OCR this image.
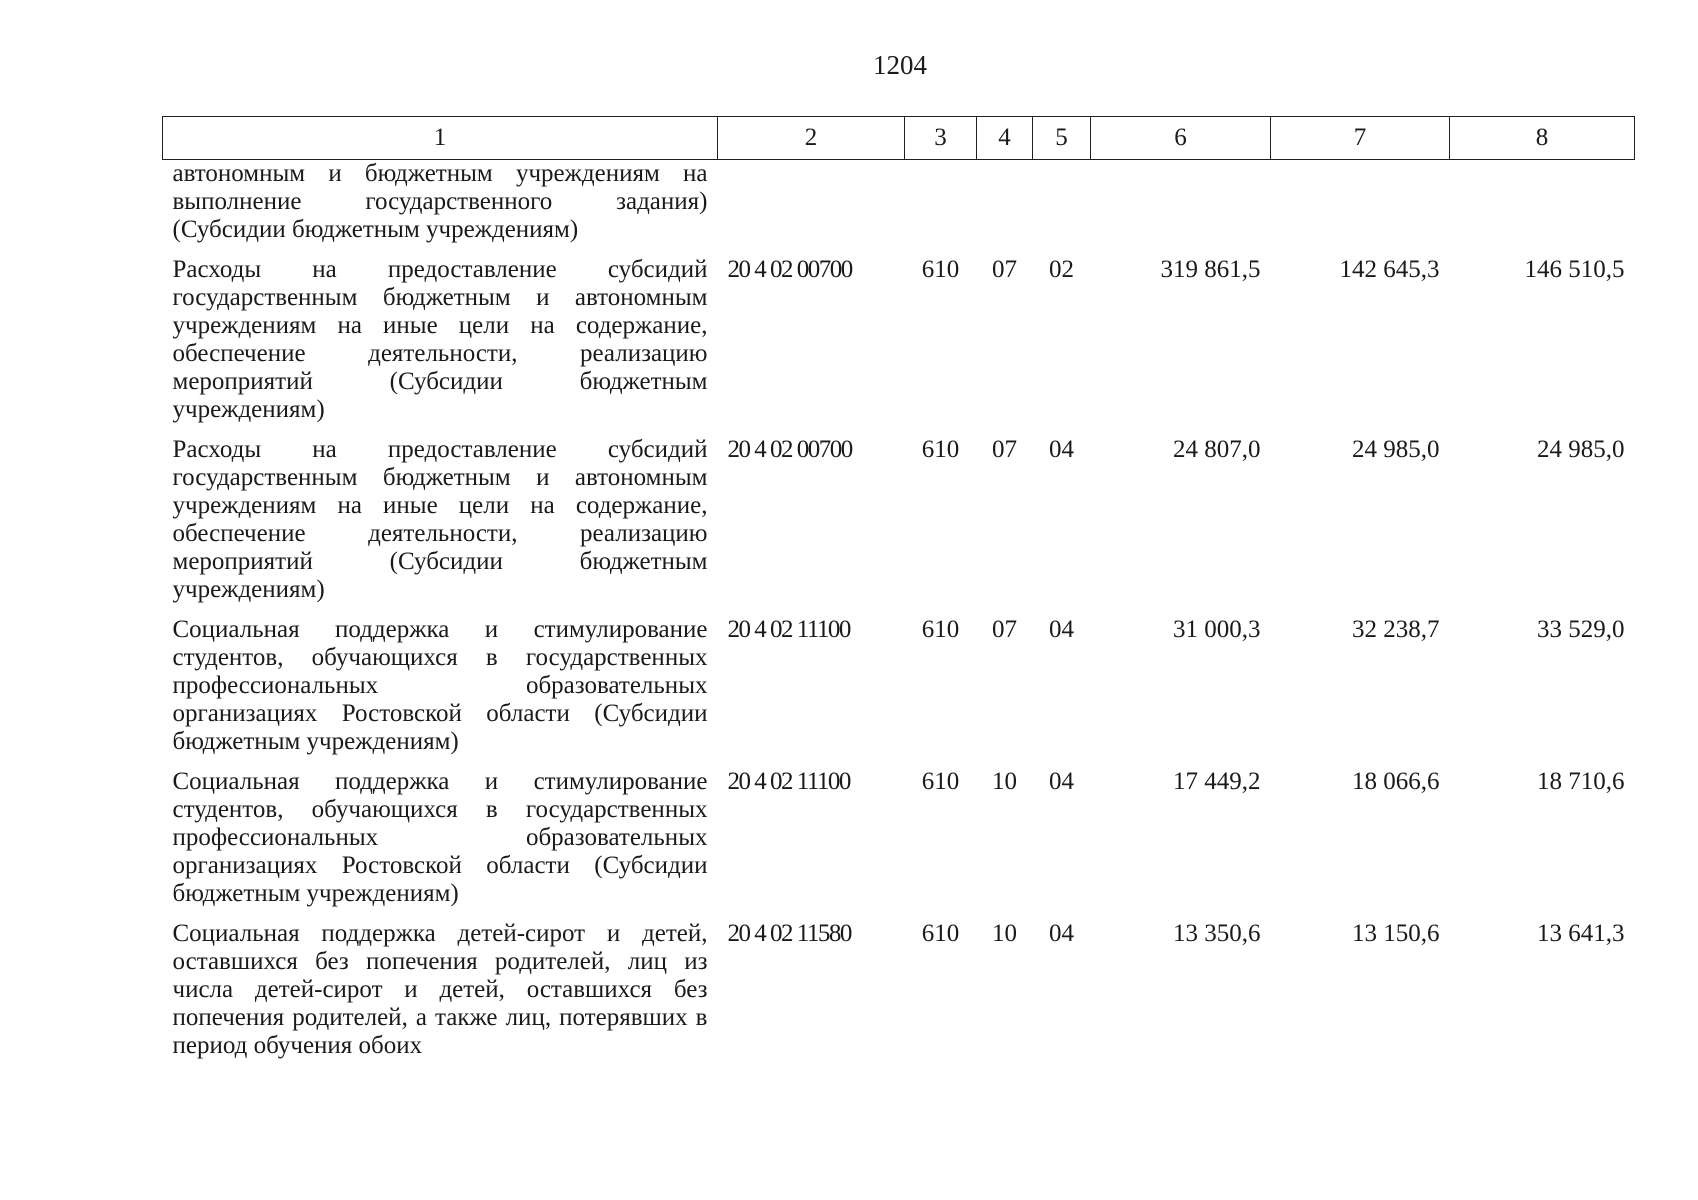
1204
1	2	3	4	5	6	7	8
автономным и бюджетным учреждениям на выполнение государственного задания) (Субсидии бюджетным учреждениям)							
Расходы на предоставление субсидий государственным бюджетным и автономным учреждениям на иные цели на содержание, обеспечение деятельности, реализацию мероприятий (Субсидии бюджетным учреждениям)	20 4 02 00700	610	07	02	319 861,5	142 645,3	146 510,5
Расходы на предоставление субсидий государственным бюджетным и автономным учреждениям на иные цели на содержание, обеспечение деятельности, реализацию мероприятий (Субсидии бюджетным учреждениям)	20 4 02 00700	610	07	04	24 807,0	24 985,0	24 985,0
Социальная поддержка и стимулирование студентов, обучающихся в государственных профессиональных образовательных организациях Ростовской области (Субсидии бюджетным учреждениям)	20 4 02 11100	610	07	04	31 000,3	32 238,7	33 529,0
Социальная поддержка и стимулирование студентов, обучающихся в государственных профессиональных образовательных организациях Ростовской области (Субсидии бюджетным учреждениям)	20 4 02 11100	610	10	04	17 449,2	18 066,6	18 710,6
Социальная поддержка детей-сирот и детей, оставшихся без попечения родителей, лиц из числа детей-сирот и детей, оставшихся без попечения родителей, а также лиц, потерявших в период обучения обоих	20 4 02 11580	610	10	04	13 350,6	13 150,6	13 641,3
